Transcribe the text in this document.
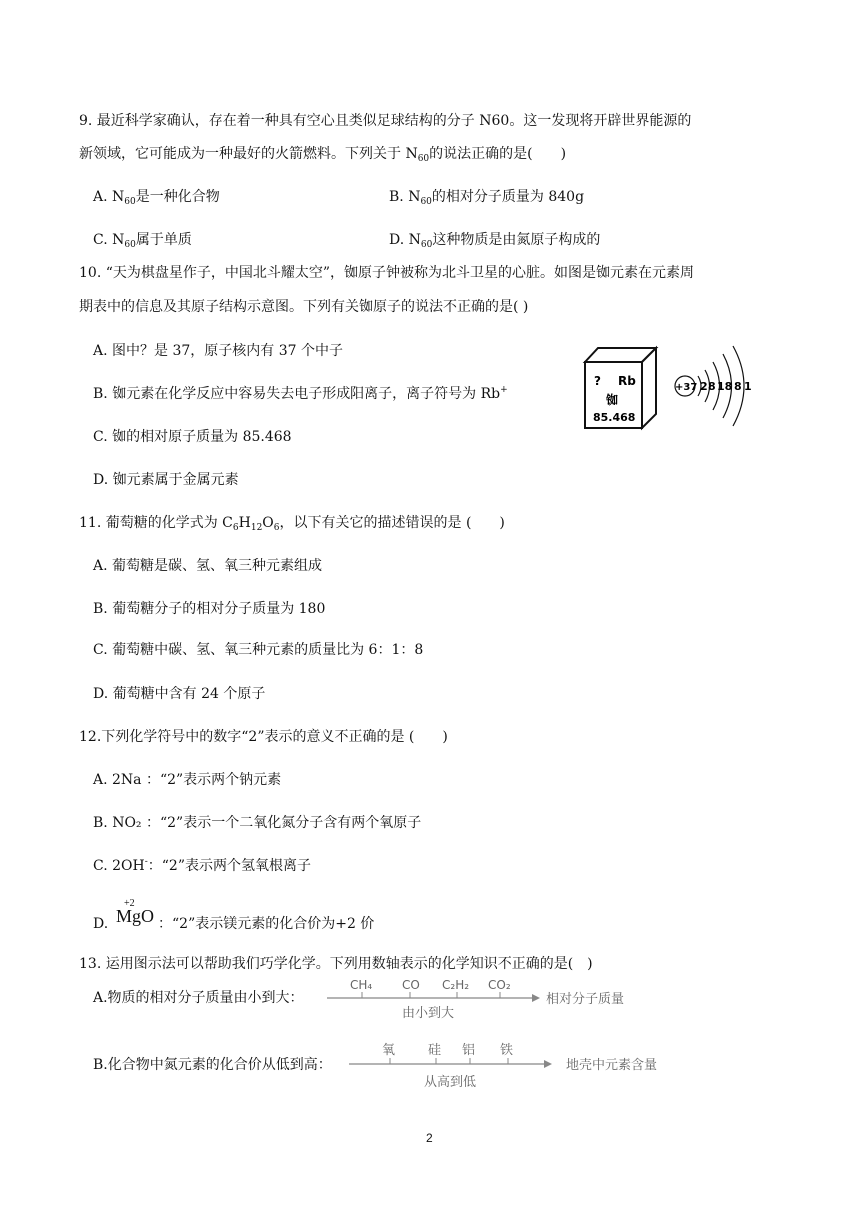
9. 最近科学家确认，存在着一种具有空心且类似足球结构的分子 N60。这一发现将开辟世界能源的
新领域，它可能成为一种最好的火箭燃料。下列关于 $N_{60}$的说法正确的是(　　)
A. $N_{60}$是一种化合物	B. $N_{60}$的相对分子质量为 840g
C. $N_{60}$属于单质	D. $N_{60}$这种物质是由氮原子构成的
10. “天为棋盘星作子，中国北斗耀太空”，铷原子钟被称为北斗卫星的心脏。如图是铷元素在元素周
期表中的信息及其原子结构示意图。下列有关铷原子的说法不正确的是( )
A. 图中？是 37，原子核内有 37 个中子
B. 铷元素在化学反应中容易失去电子形成阳离子，离子符号为 Rb+
C. 铷的相对原子质量为 85.468
D. 铷元素属于金属元素
? Rb
铷
85.468
+37 2 8 18 8 1
11. 葡萄糖的化学式为 $C_6H_{12}O_6$，以下有关它的描述错误的是 (　　)
A. 葡萄糖是碳、氢、氧三种元素组成
B. 葡萄糖分子的相对分子质量为 180
C. 葡萄糖中碳、氢、氧三种元素的质量比为 6：1：8
D. 葡萄糖中含有 24 个原子
12.下列化学符号中的数字“2”表示的意义不正确的是 (　　)
A. 2Na ：“2”表示两个钠元素
B. NO₂ ：“2”表示一个二氧化氮分子含有两个氧原子
C. 2OH-：“2”表示两个氢氧根离子
D.
+2
MgO ：“2”表示镁元素的化合价为+2 价
13. 运用图示法可以帮助我们巧学化学。下列用数轴表示的化学知识不正确的是(　)
A.物质的相对分子质量由小到大：
CH₄ CO C₂H₂ CO₂
由小到大
相对分子质量
B.化合物中氮元素的化合价从低到高：
氧	硅 铝 铁
从高到低
地壳中元素含量
2
